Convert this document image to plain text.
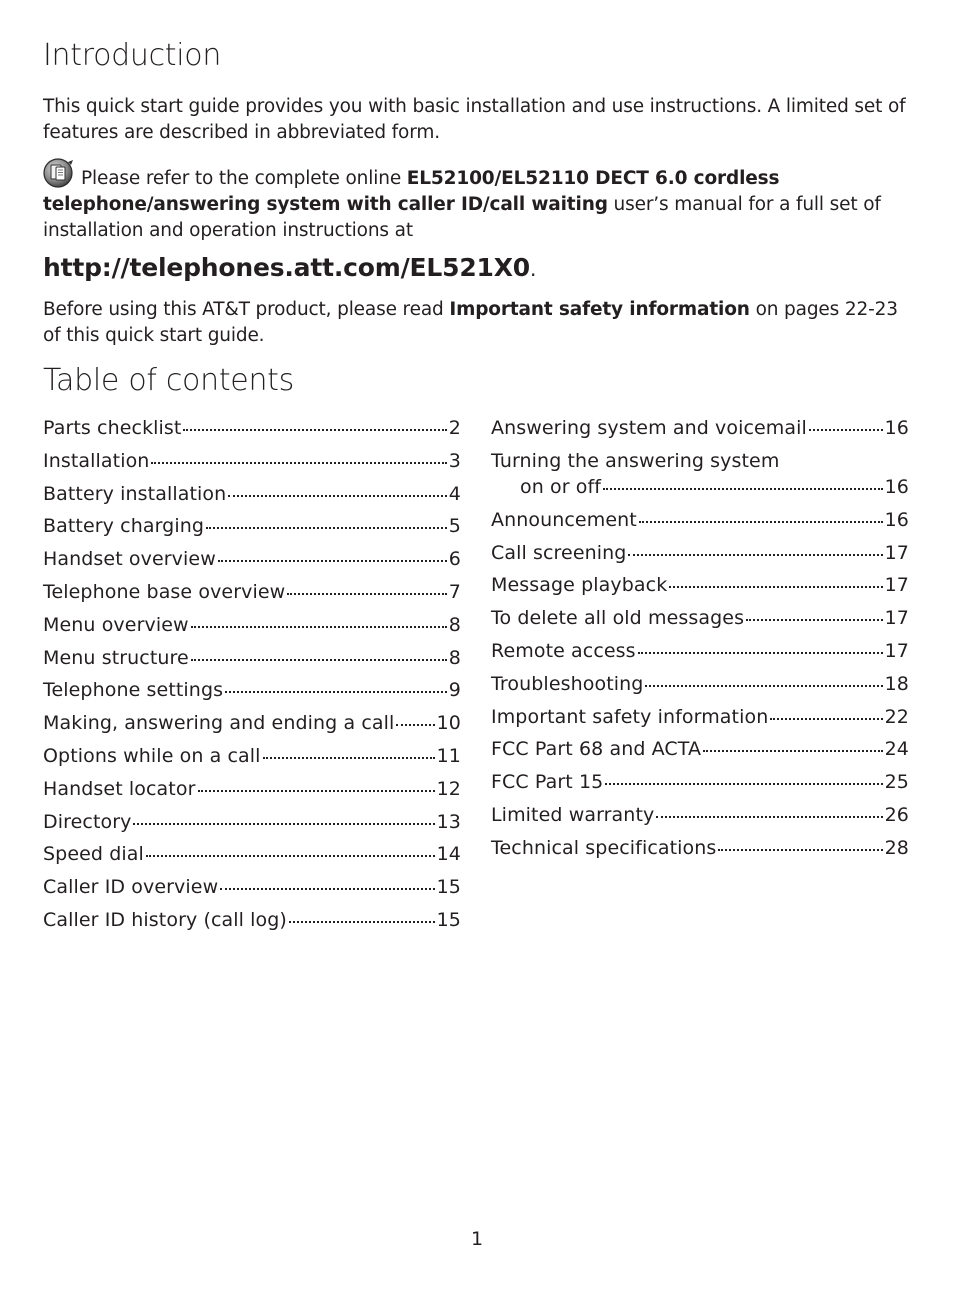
Introduction

This quick start guide provides you with basic installation and use instructions. A limited set of features are described in abbreviated form.

Please refer to the complete online EL52100/EL52110 DECT 6.0 cordless telephone/answering system with caller ID/call waiting user’s manual for a full set of installation and operation instructions at

http://telephones.att.com/EL521X0.

Before using this AT&T product, please read Important safety information on pages 22-23 of this quick start guide.

Table of contents
Parts checklist	2
Installation	3
Battery installation	4
Battery charging	5
Handset overview	6
Telephone base overview	7
Menu overview	8
Menu structure	8
Telephone settings	9
Making, answering and ending a call 10
Options while on a call	11
Handset locator	12
Directory	13
Speed dial	14
Caller ID overview	15
Caller ID history (call log)	15
Answering system and voicemail	16
Turning the answering system
on or off	16
Announcement	16
Call screening	17
Message playback	17
To delete all old messages	17
Remote access	17
Troubleshooting	18
Important safety information	22
FCC Part 68 and ACTA	24
FCC Part 15	25
Limited warranty	26
Technical specifications	28
1
